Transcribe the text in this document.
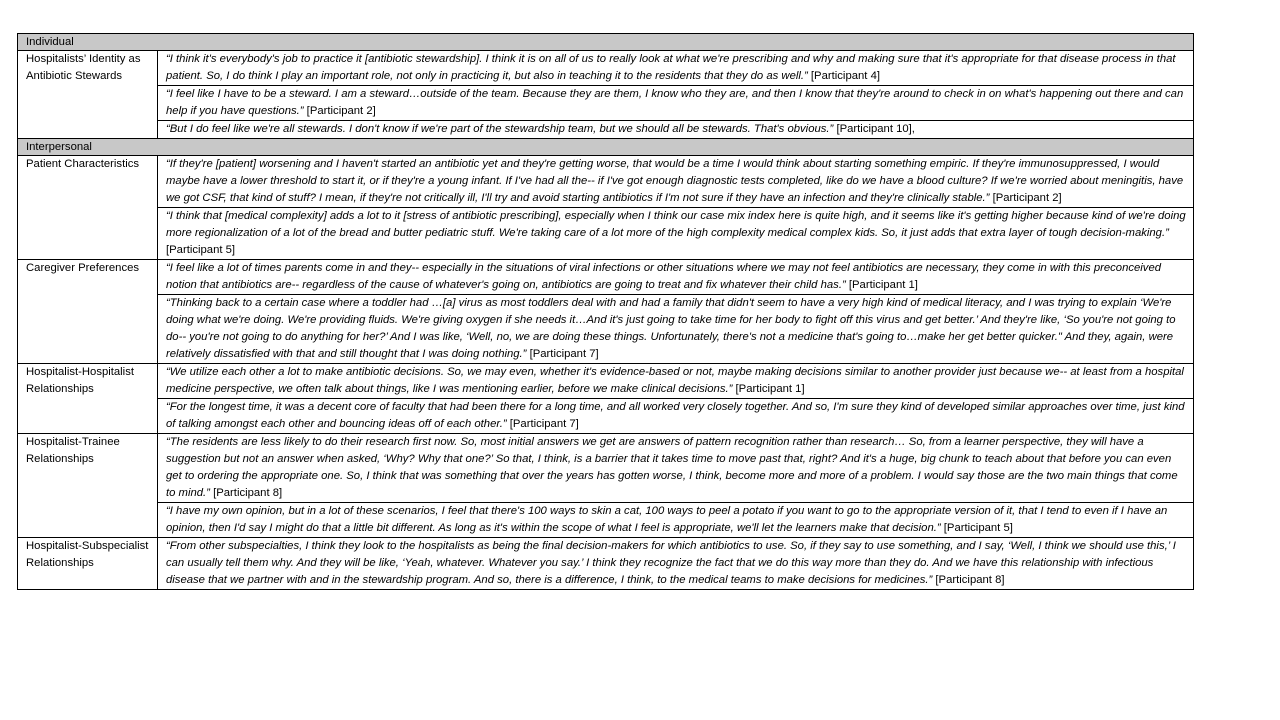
Individual	
Hospitalists’ Identity as Antibiotic Stewards	“I think it's everybody's job to practice it [antibiotic stewardship]. I think it is on all of us to really look at what we're prescribing and why and making sure that it's appropriate for that disease process in that patient. So, I do think I play an important role, not only in practicing it, but also in teaching it to the residents that they do as well.” [Participant 4]
	“I feel like I have to be a steward. I am a steward…outside of the team. Because they are them, I know who they are, and then I know that they're around to check in on what's happening out there and can help if you have questions.” [Participant 2]
	“But I do feel like we're all stewards. I don't know if we're part of the stewardship team, but we should all be stewards. That's obvious.” [Participant 10],
Interpersonal	
Patient Characteristics	“If they're [patient] worsening and I haven't started an antibiotic yet and they're getting worse, that would be a time I would think about starting something empiric. If they're immunosuppressed, I would maybe have a lower threshold to start it, or if they're a young infant. If I've had all the-- if I've got enough diagnostic tests completed, like do we have a blood culture? If we're worried about meningitis, have we got CSF, that kind of stuff? I mean, if they're not critically ill, I'll try and avoid starting antibiotics if I'm not sure if they have an infection and they're clinically stable.” [Participant 2]
	“I think that [medical complexity] adds a lot to it [stress of antibiotic prescribing], especially when I think our case mix index here is quite high, and it seems like it's getting higher because kind of we're doing more regionalization of a lot of the bread and butter pediatric stuff. We're taking care of a lot more of the high complexity medical complex kids. So, it just adds that extra layer of tough decision-making.” [Participant 5]
Caregiver Preferences	“I feel like a lot of times parents come in and they-- especially in the situations of viral infections or other situations where we may not feel antibiotics are necessary, they come in with this preconceived notion that antibiotics are-- regardless of the cause of whatever's going on, antibiotics are going to treat and fix whatever their child has.” [Participant 1]
	“Thinking back to a certain case where a toddler had …[a] virus as most toddlers deal with and had a family that didn't seem to have a very high kind of medical literacy, and I was trying to explain ‘We're doing what we're doing. We're providing fluids. We're giving oxygen if she needs it…And it's just going to take time for her body to fight off this virus and get better.’ And they're like, ‘So you're not going to do-- you're not going to do anything for her?’ And I was like, ‘Well, no, we are doing these things. Unfortunately, there's not a medicine that's going to…make her get better quicker." And they, again, were relatively dissatisfied with that and still thought that I was doing nothing.” [Participant 7]
Hospitalist-Hospitalist Relationships	“We utilize each other a lot to make antibiotic decisions. So, we may even, whether it's evidence-based or not, maybe making decisions similar to another provider just because we-- at least from a hospital medicine perspective, we often talk about things, like I was mentioning earlier, before we make clinical decisions.” [Participant 1]
	“For the longest time, it was a decent core of faculty that had been there for a long time, and all worked very closely together. And so, I'm sure they kind of developed similar approaches over time, just kind of talking amongst each other and bouncing ideas off of each other.” [Participant 7]
Hospitalist-Trainee Relationships	“The residents are less likely to do their research first now. So, most initial answers we get are answers of pattern recognition rather than research… So, from a learner perspective, they will have a suggestion but not an answer when asked, ‘Why? Why that one?’ So that, I think, is a barrier that it takes time to move past that, right? And it's a huge, big chunk to teach about that before you can even get to ordering the appropriate one. So, I think that was something that over the years has gotten worse, I think, become more and more of a problem. I would say those are the two main things that come to mind.” [Participant 8]
	“I have my own opinion, but in a lot of these scenarios, I feel that there's 100 ways to skin a cat, 100 ways to peel a potato if you want to go to the appropriate version of it, that I tend to even if I have an opinion, then I'd say I might do that a little bit different. As long as it's within the scope of what I feel is appropriate, we'll let the learners make that decision.” [Participant 5]
Hospitalist-Subspecialist Relationships	“From other subspecialties, I think they look to the hospitalists as being the final decision-makers for which antibiotics to use. So, if they say to use something, and I say, ‘Well, I think we should use this,’ I can usually tell them why. And they will be like, ‘Yeah, whatever. Whatever you say.’ I think they recognize the fact that we do this way more than they do. And we have this relationship with infectious disease that we partner with and in the stewardship program. And so, there is a difference, I think, to the medical teams to make decisions for medicines.” [Participant 8]
